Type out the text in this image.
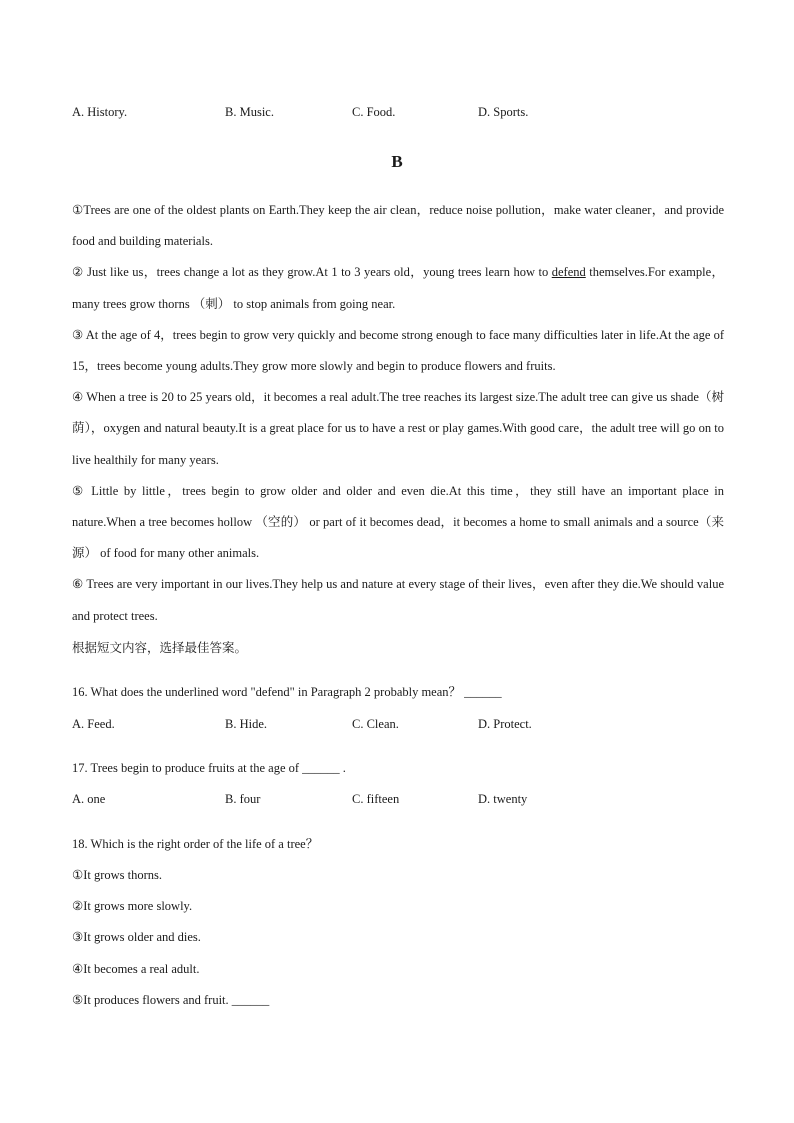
A. History.	B. Music.	C. Food.	D. Sports.
B

①Trees are one of the oldest plants on Earth.They keep the air clean，reduce noise pollution，make water cleaner，and provide food and building materials.

② Just like us，trees change a lot as they grow.At 1 to 3 years old，young trees learn how to defend themselves.For example，many trees grow thorns （刺） to stop animals from going near.

③ At the age of 4，trees begin to grow very quickly and become strong enough to face many difficulties later in life.At the age of 15，trees become young adults.They grow more slowly and begin to produce flowers and fruits.

④ When a tree is 20 to 25 years old，it becomes a real adult.The tree reaches its largest size.The adult tree can give us shade（树荫），oxygen and natural beauty.It is a great place for us to have a rest or play games.With good care，the adult tree will go on to live healthily for many years.

⑤ Little by little，trees begin to grow older and older and even die.At this time，they still have an important place in nature.When a tree becomes hollow （空的） or part of it becomes dead，it becomes a home to small animals and a source（来源） of food for many other animals.

⑥ Trees are very important in our lives.They help us and nature at every stage of their lives，even after they die.We should value and protect trees.

根据短文内容，选择最佳答案。
16. What does the underlined word "defend" in Paragraph 2 probably mean？ ______
A. Feed.	B. Hide.	C. Clean.	D. Protect.
17. Trees begin to produce fruits at the age of ______ .
A. one	B. four	C. fifteen	D. twenty
18. Which is the right order of the life of a tree？
①It grows thorns.
②It grows more slowly.
③It grows older and dies.
④It becomes a real adult.
⑤It produces flowers and fruit. ______
